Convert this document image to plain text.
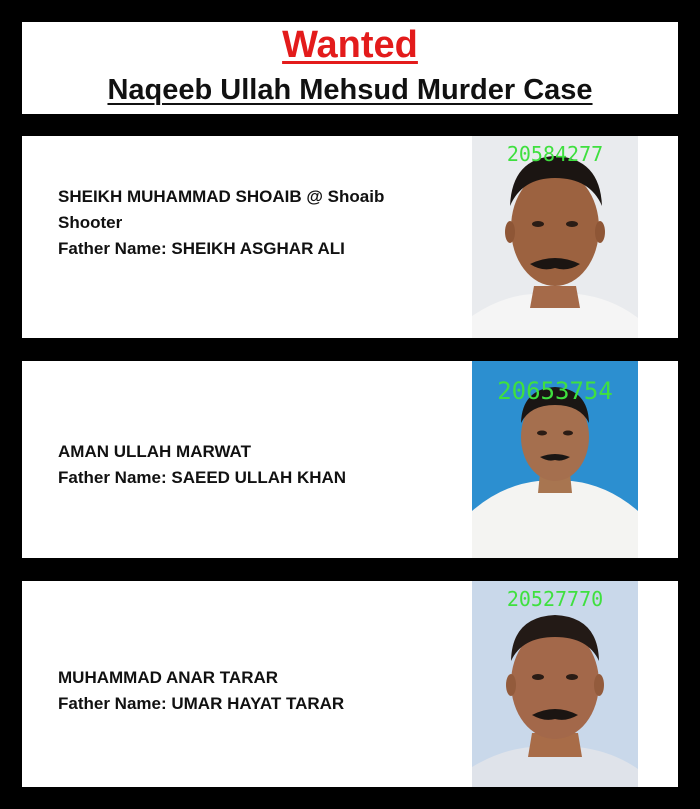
Wanted
Naqeeb Ullah Mehsud Murder Case
SHEIKH MUHAMMAD SHOAIB @ Shoaib Shooter
Father Name: SHEIKH ASGHAR ALI
20584277
AMAN ULLAH MARWAT
Father Name: SAEED ULLAH KHAN
20653754
MUHAMMAD ANAR TARAR
Father Name: UMAR HAYAT TARAR
20527770
